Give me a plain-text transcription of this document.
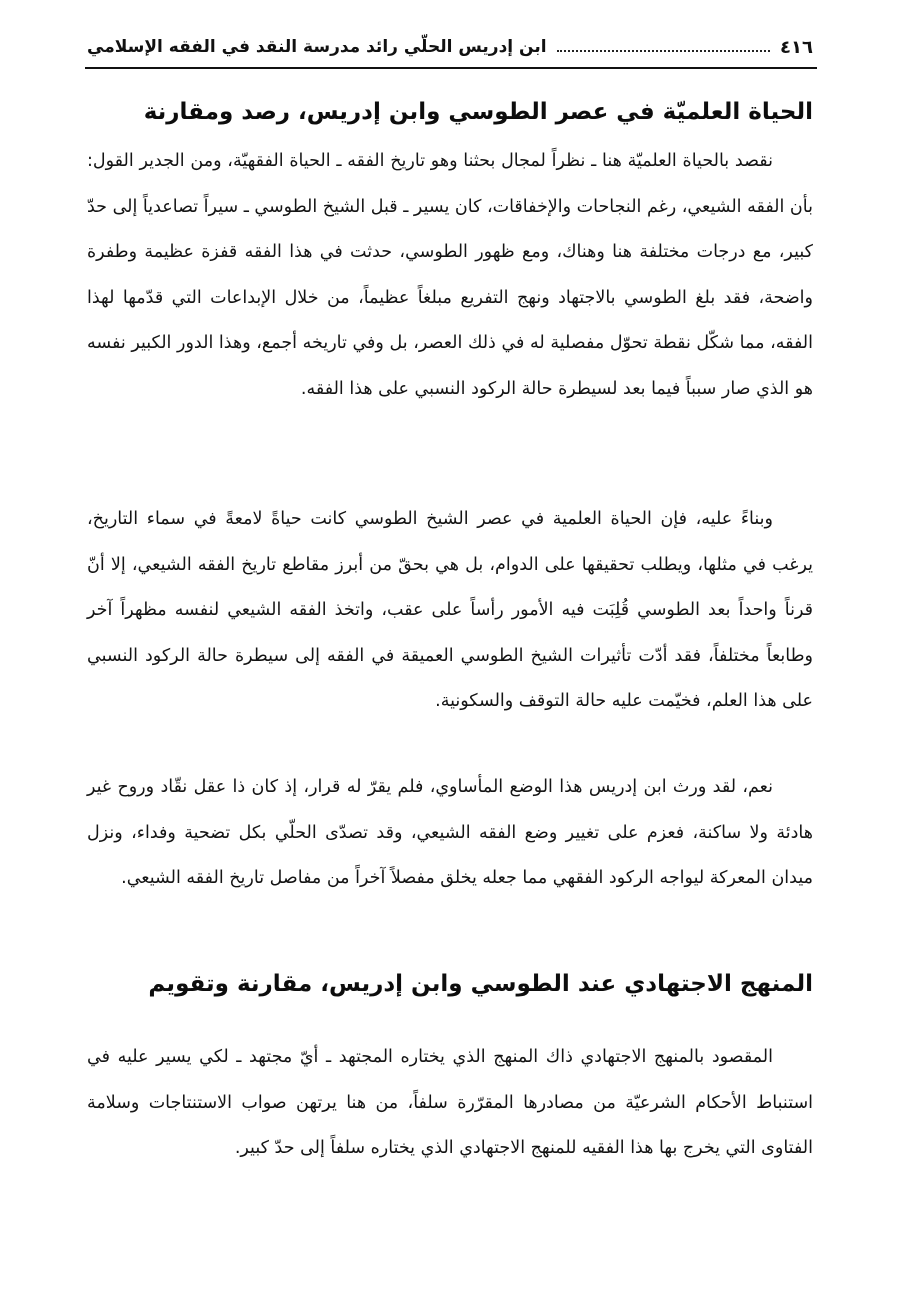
٤١٦
ابن إدريس الحلّي رائد مدرسة النقد في الفقه الإسلامي
الحياة العلميّة في عصر الطوسي وابن إدريس، رصد ومقارنة

نقصد بالحياة العلميّة هنا ـ نظراً لمجال بحثنا وهو تاريخ الفقه ـ الحياة الفقهيّة، ومن الجدير القول: بأن الفقه الشيعي، رغم النجاحات والإخفاقات، كان يسير ـ قبل الشيخ الطوسي ـ سيراً تصاعدياً إلى حدّ كبير، مع درجات مختلفة هنا وهناك، ومع ظهور الطوسي، حدثت في هذا الفقه قفزة عظيمة وطفرة واضحة، فقد بلغ الطوسي بالاجتهاد ونهج التفريع مبلغاً عظيماً، من خلال الإبداعات التي قدّمها لهذا الفقه، مما شكّل نقطة تحوّل مفصلية له في ذلك العصر، بل وفي تاريخه أجمع، وهذا الدور الكبير نفسه هو الذي صار سبباً فيما بعد لسيطرة حالة الركود النسبي على هذا الفقه.

وبناءً عليه، فإن الحياة العلمية في عصر الشيخ الطوسي كانت حياةً لامعةً في سماء التاريخ، يرغب في مثلها، ويطلب تحقيقها على الدوام، بل هي بحقّ من أبرز مقاطع تاريخ الفقه الشيعي، إلا أنّ قرناً واحداً بعد الطوسي قُلِبَت فيه الأمور رأساً على عقب، واتخذ الفقه الشيعي لنفسه مظهراً آخر وطابعاً مختلفاً، فقد أدّت تأثيرات الشيخ الطوسي العميقة في الفقه إلى سيطرة حالة الركود النسبي على هذا العلم، فخيّمت عليه حالة التوقف والسكونية.

نعم، لقد ورث ابن إدريس هذا الوضع المأساوي، فلم يقرّ له قرار، إذ كان ذا عقل نقّاد وروح غير هادئة ولا ساكنة، فعزم على تغيير وضع الفقه الشيعي، وقد تصدّى الحلّي بكل تضحية وفداء، ونزل ميدان المعركة ليواجه الركود الفقهي مما جعله يخلق مفصلاً آخراً من مفاصل تاريخ الفقه الشيعي.

المنهج الاجتهادي عند الطوسي وابن إدريس، مقارنة وتقويم

المقصود بالمنهج الاجتهادي ذاك المنهج الذي يختاره المجتهد ـ أيّ مجتهد ـ لكي يسير عليه في استنباط الأحكام الشرعيّة من مصادرها المقرّرة سلفاً، من هنا يرتهن صواب الاستنتاجات وسلامة الفتاوى التي يخرج بها هذا الفقيه للمنهج الاجتهادي الذي يختاره سلفاً إلى حدّ كبير.
